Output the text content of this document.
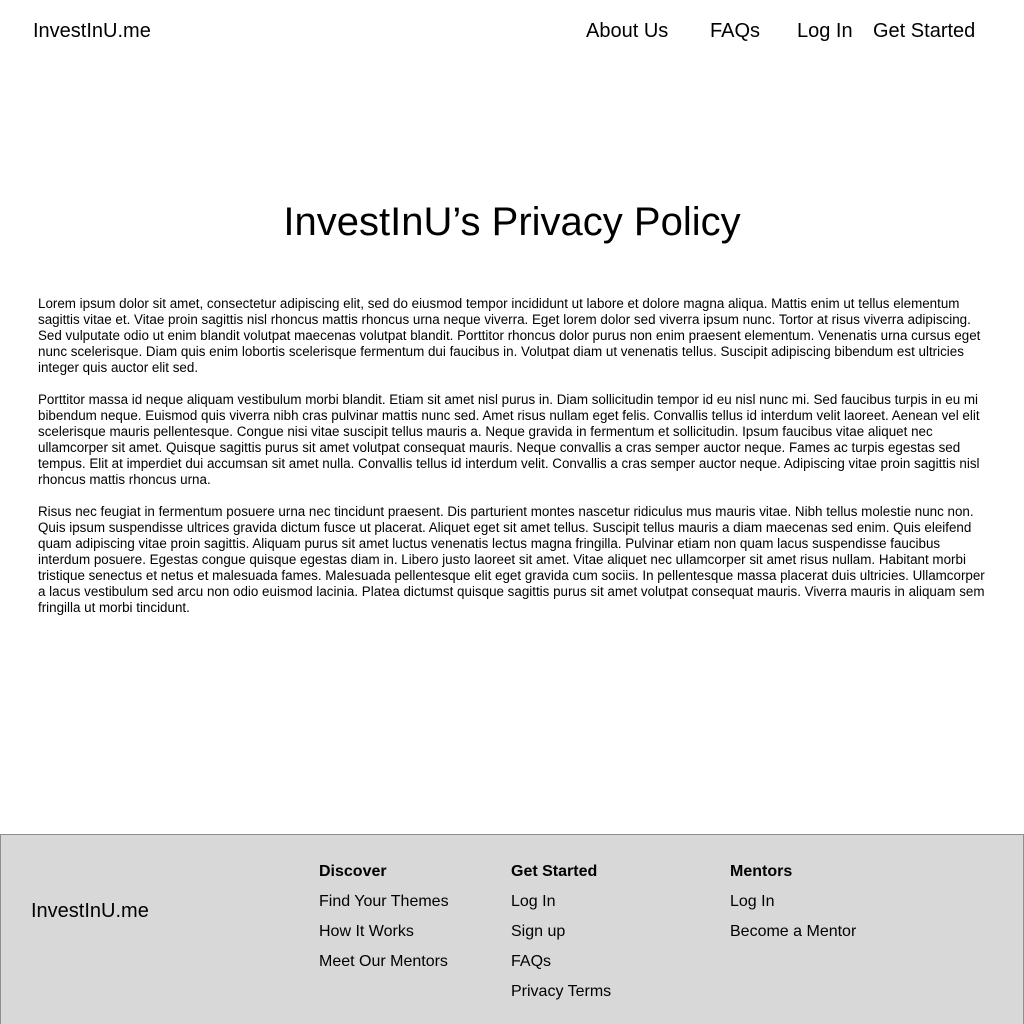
InvestInU.me	About Us FAQs Log In Get Started
InvestInU’s Privacy Policy

Lorem ipsum dolor sit amet, consectetur adipiscing elit, sed do eiusmod tempor incididunt ut labore et dolore magna aliqua. Mattis enim ut tellus elementum sagittis vitae et. Vitae proin sagittis nisl rhoncus mattis rhoncus urna neque viverra. Eget lorem dolor sed viverra ipsum nunc. Tortor at risus viverra adipiscing. Sed vulputate odio ut enim blandit volutpat maecenas volutpat blandit. Porttitor rhoncus dolor purus non enim praesent elementum. Venenatis urna cursus eget nunc scelerisque. Diam quis enim lobortis scelerisque fermentum dui faucibus in. Volutpat diam ut venenatis tellus. Suscipit adipiscing bibendum est ultricies integer quis auctor elit sed.

Porttitor massa id neque aliquam vestibulum morbi blandit. Etiam sit amet nisl purus in. Diam sollicitudin tempor id eu nisl nunc mi. Sed faucibus turpis in eu mi bibendum neque. Euismod quis viverra nibh cras pulvinar mattis nunc sed. Amet risus nullam eget felis. Convallis tellus id interdum velit laoreet. Aenean vel elit scelerisque mauris pellentesque. Congue nisi vitae suscipit tellus mauris a. Neque gravida in fermentum et sollicitudin. Ipsum faucibus vitae aliquet nec ullamcorper sit amet. Quisque sagittis purus sit amet volutpat consequat mauris. Neque convallis a cras semper auctor neque. Fames ac turpis egestas sed tempus. Elit at imperdiet dui accumsan sit amet nulla. Convallis tellus id interdum velit. Convallis a cras semper auctor neque. Adipiscing vitae proin sagittis nisl rhoncus mattis rhoncus urna.

Risus nec feugiat in fermentum posuere urna nec tincidunt praesent. Dis parturient montes nascetur ridiculus mus mauris vitae. Nibh tellus molestie nunc non. Quis ipsum suspendisse ultrices gravida dictum fusce ut placerat. Aliquet eget sit amet tellus. Suscipit tellus mauris a diam maecenas sed enim. Quis eleifend quam adipiscing vitae proin sagittis. Aliquam purus sit amet luctus venenatis lectus magna fringilla. Pulvinar etiam non quam lacus suspendisse faucibus interdum posuere. Egestas congue quisque egestas diam in. Libero justo laoreet sit amet. Vitae aliquet nec ullamcorper sit amet risus nullam. Habitant morbi tristique senectus et netus et malesuada fames. Malesuada pellentesque elit eget gravida cum sociis. In pellentesque massa placerat duis ultricies. Ullamcorper a lacus vestibulum sed arcu non odio euismod lacinia. Platea dictumst quisque sagittis purus sit amet volutpat consequat mauris. Viverra mauris in aliquam sem fringilla ut morbi tincidunt.

InvestInU.me
Discover
Find Your Themes
How It Works
Meet Our Mentors
Get Started
Log In
Sign up
FAQs
Privacy Terms
Mentors
Log In
Become a Mentor
